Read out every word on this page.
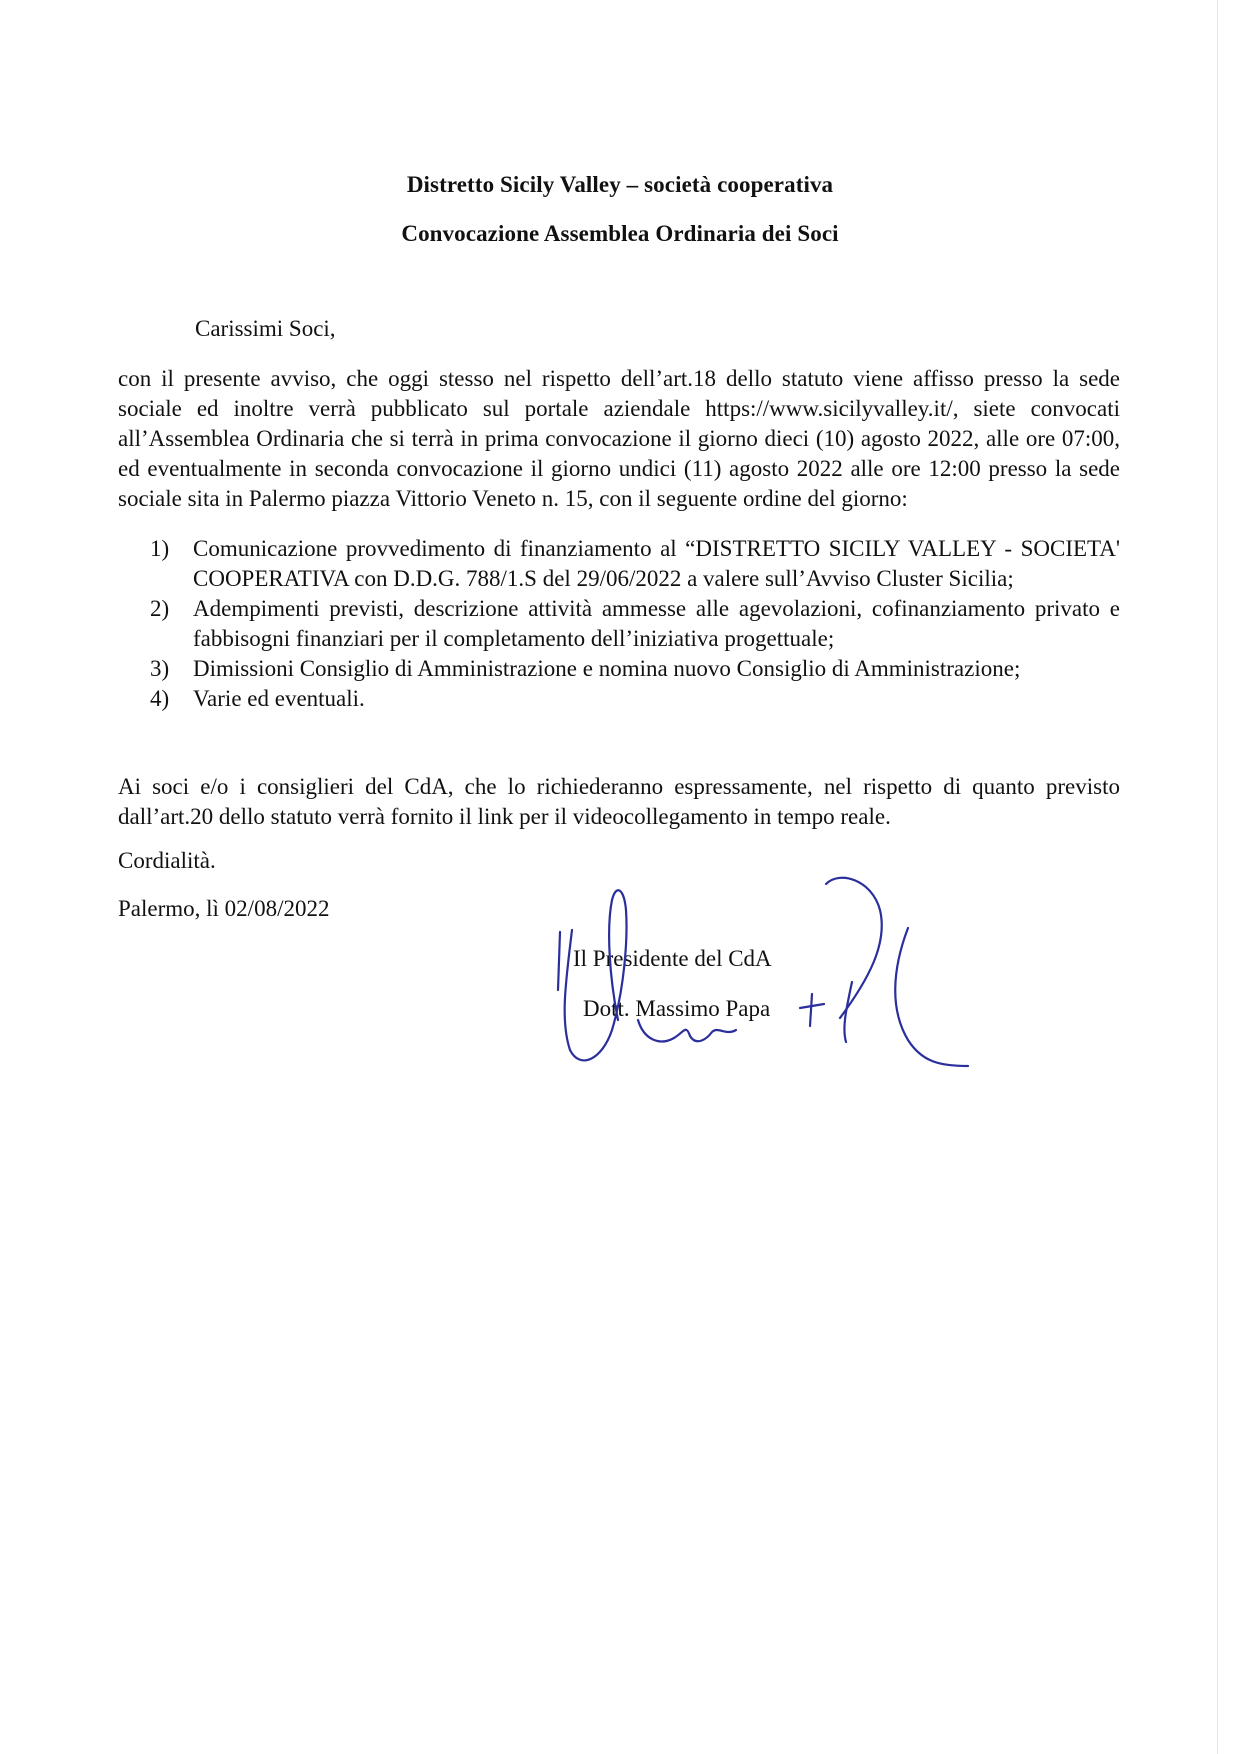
Distretto Sicily Valley – società cooperativa
Convocazione Assemblea Ordinaria dei Soci
Carissimi Soci,
con il presente avviso, che oggi stesso nel rispetto dell’art.18 dello statuto viene affisso presso la sede sociale ed inoltre verrà pubblicato sul portale aziendale https://www.sicilyvalley.it/, siete convocati all’Assemblea Ordinaria che si terrà in prima convocazione il giorno dieci (10) agosto 2022, alle ore 07:00, ed eventualmente in seconda convocazione il giorno undici (11) agosto 2022 alle ore 12:00 presso la sede sociale sita in Palermo piazza Vittorio Veneto n. 15, con il seguente ordine del giorno:
1)	Comunicazione provvedimento di finanziamento al “DISTRETTO SICILY VALLEY - SOCIETA' COOPERATIVA con D.D.G. 788/1.S del 29/06/2022 a valere sull’Avviso Cluster Sicilia;
2)	Adempimenti previsti, descrizione attività ammesse alle agevolazioni, cofinanziamento privato e fabbisogni finanziari per il completamento dell’iniziativa progettuale;
3)	Dimissioni Consiglio di Amministrazione e nomina nuovo Consiglio di Amministrazione;
4)	Varie ed eventuali.
Ai soci e/o i consiglieri del CdA, che lo richiederanno espressamente, nel rispetto di quanto previsto dall’art.20 dello statuto verrà fornito il link per il videocollegamento in tempo reale.
Cordialità.
Palermo, lì 02/08/2022
Il Presidente del CdA
Dott. Massimo Papa
